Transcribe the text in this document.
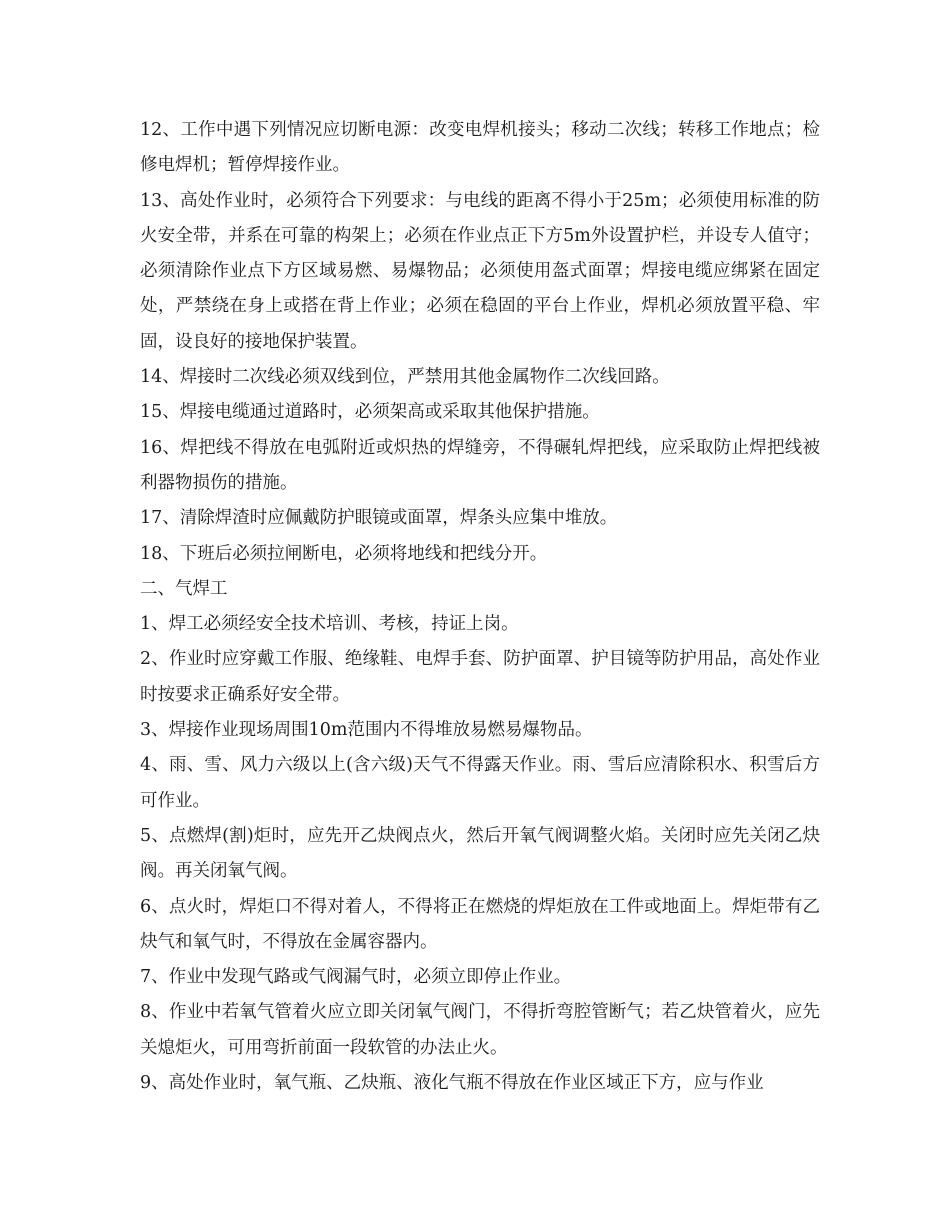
12、工作中遇下列情况应切断电源：改变电焊机接头；移动二次线；转移工作地点；检修电焊机；暂停焊接作业。

13、高处作业时，必须符合下列要求：与电线的距离不得小于25m；必须使用标准的防火安全带，并系在可靠的构架上；必须在作业点正下方5m外设置护栏，并设专人值守；必须清除作业点下方区域易燃、易爆物品；必须使用盔式面罩；焊接电缆应绑紧在固定处，严禁绕在身上或搭在背上作业；必须在稳固的平台上作业，焊机必须放置平稳、牢固，设良好的接地保护装置。

14、焊接时二次线必须双线到位，严禁用其他金属物作二次线回路。

15、焊接电缆通过道路时，必须架高或采取其他保护措施。

16、焊把线不得放在电弧附近或炽热的焊缝旁，不得碾轧焊把线，应采取防止焊把线被利器物损伤的措施。

17、清除焊渣时应佩戴防护眼镜或面罩，焊条头应集中堆放。

18、下班后必须拉闸断电，必须将地线和把线分开。

二、气焊工

1、焊工必须经安全技术培训、考核，持证上岗。

2、作业时应穿戴工作服、绝缘鞋、电焊手套、防护面罩、护目镜等防护用品，高处作业时按要求正确系好安全带。

3、焊接作业现场周围10m范围内不得堆放易燃易爆物品。

4、雨、雪、风力六级以上(含六级)天气不得露天作业。雨、雪后应清除积水、积雪后方可作业。

5、点燃焊(割)炬时，应先开乙炔阀点火，然后开氧气阀调整火焰。关闭时应先关闭乙炔阀。再关闭氧气阀。

6、点火时，焊炬口不得对着人，不得将正在燃烧的焊炬放在工件或地面上。焊炬带有乙炔气和氧气时，不得放在金属容器内。

7、作业中发现气路或气阀漏气时，必须立即停止作业。

8、作业中若氧气管着火应立即关闭氧气阀门，不得折弯腔管断气；若乙炔管着火，应先关熄炬火，可用弯折前面一段软管的办法止火。

9、高处作业时，氧气瓶、乙炔瓶、液化气瓶不得放在作业区域正下方，应与作业
